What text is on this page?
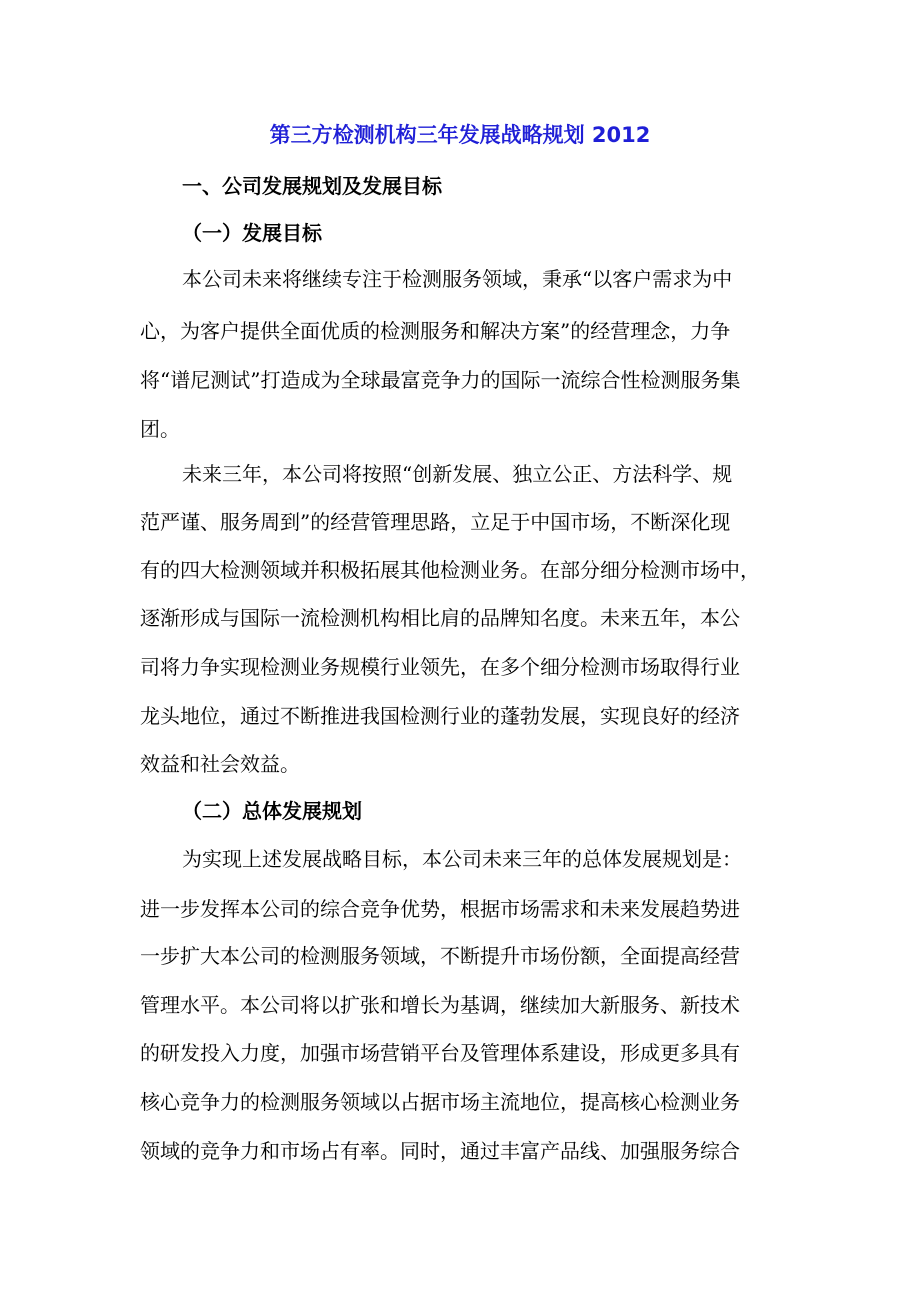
第三方检测机构三年发展战略规划 2012
一、公司发展规划及发展目标
（一）发展目标
本公司未来将继续专注于检测服务领域，秉承“以客户需求为中
心，为客户提供全面优质的检测服务和解决方案”的经营理念，力争
将“谱尼测试”打造成为全球最富竞争力的国际一流综合性检测服务集
团。
未来三年，本公司将按照“创新发展、独立公正、方法科学、规
范严谨、服务周到”的经营管理思路，立足于中国市场，不断深化现
有的四大检测领域并积极拓展其他检测业务。在部分细分检测市场中，
逐渐形成与国际一流检测机构相比肩的品牌知名度。未来五年，本公
司将力争实现检测业务规模行业领先，在多个细分检测市场取得行业
龙头地位，通过不断推进我国检测行业的蓬勃发展，实现良好的经济
效益和社会效益。
（二）总体发展规划
为实现上述发展战略目标，本公司未来三年的总体发展规划是：
进一步发挥本公司的综合竞争优势，根据市场需求和未来发展趋势进
一步扩大本公司的检测服务领域，不断提升市场份额，全面提高经营
管理水平。本公司将以扩张和增长为基调，继续加大新服务、新技术
的研发投入力度，加强市场营销平台及管理体系建设，形成更多具有
核心竞争力的检测服务领域以占据市场主流地位，提高核心检测业务
领域的竞争力和市场占有率。同时，通过丰富产品线、加强服务综合
